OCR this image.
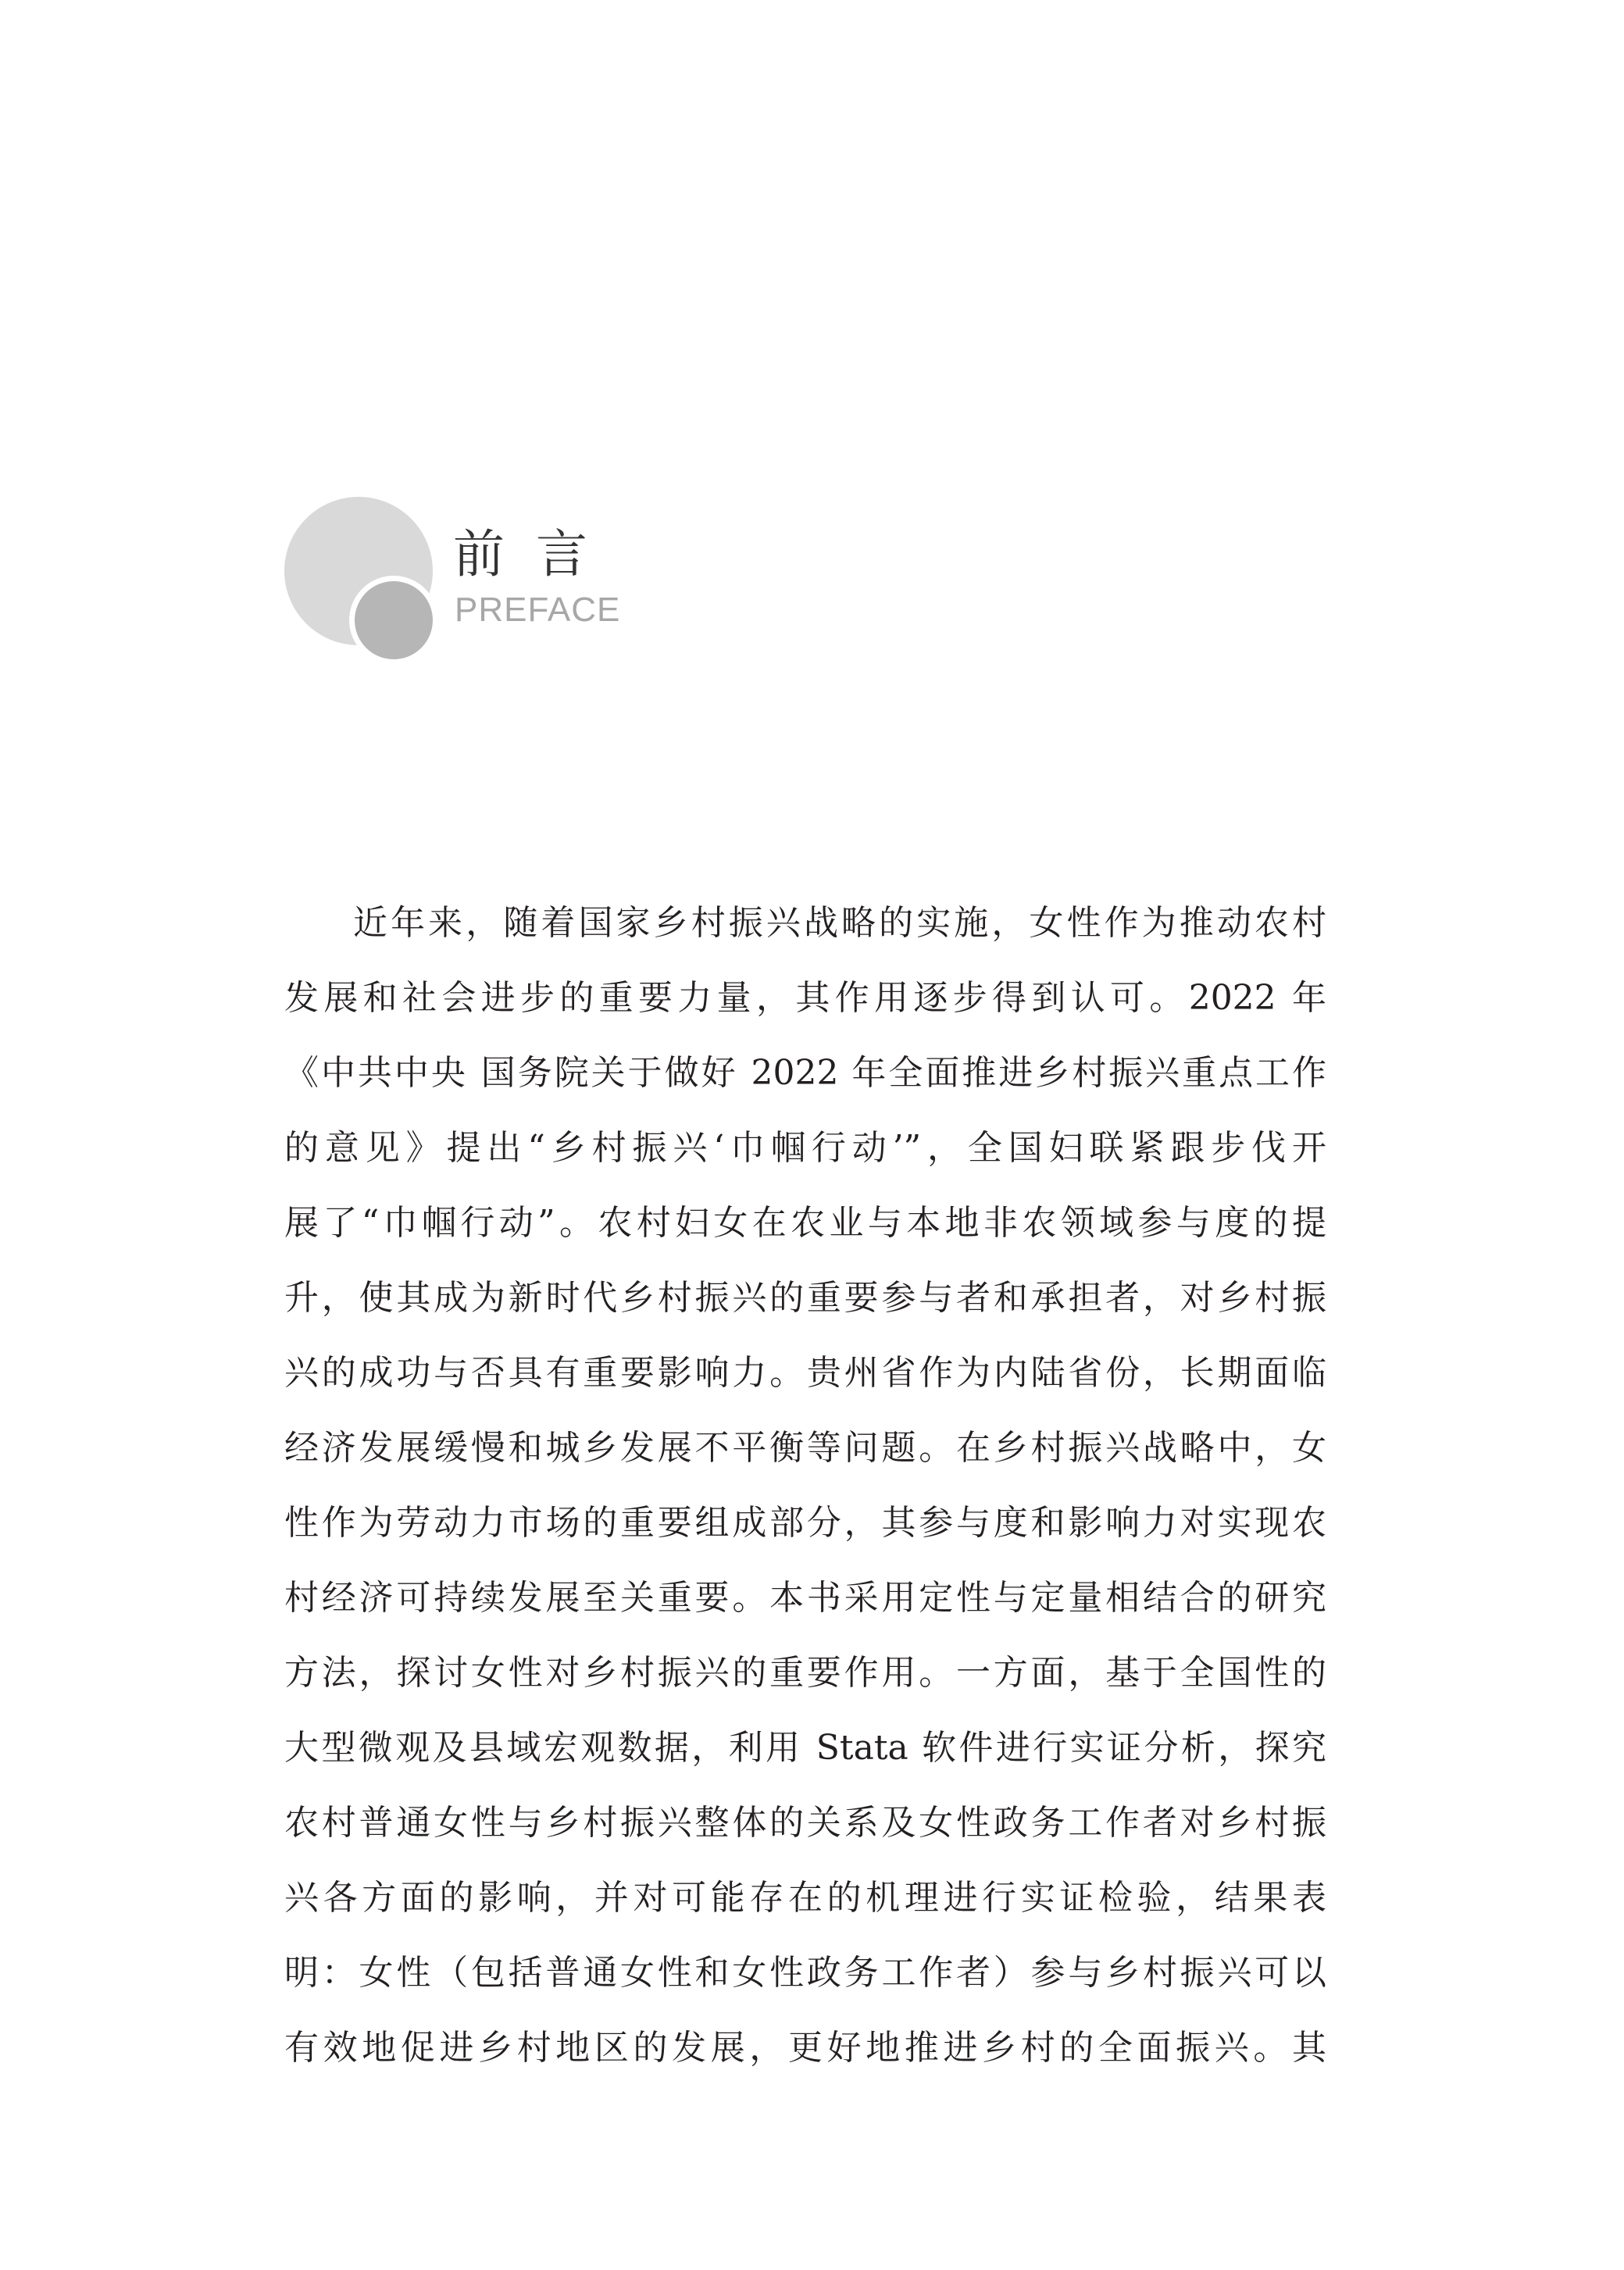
前言
PREFACE
近年来，随着国家乡村振兴战略的实施，女性作为推动农村
发展和社会进步的重要力量，其作用逐步得到认可。2022 年
《中共中央 国务院关于做好 2022 年全面推进乡村振兴重点工作
的意见》提出“乡村振兴‘巾帼行动’”，全国妇联紧跟步伐开
展了“巾帼行动”。农村妇女在农业与本地非农领域参与度的提
升，使其成为新时代乡村振兴的重要参与者和承担者，对乡村振
兴的成功与否具有重要影响力。贵州省作为内陆省份，长期面临
经济发展缓慢和城乡发展不平衡等问题。在乡村振兴战略中，女
性作为劳动力市场的重要组成部分，其参与度和影响力对实现农
村经济可持续发展至关重要。本书采用定性与定量相结合的研究
方法，探讨女性对乡村振兴的重要作用。一方面，基于全国性的
大型微观及县域宏观数据，利用 Stata 软件进行实证分析，探究
农村普通女性与乡村振兴整体的关系及女性政务工作者对乡村振
兴各方面的影响，并对可能存在的机理进行实证检验，结果表
明：女性（包括普通女性和女性政务工作者）参与乡村振兴可以
有效地促进乡村地区的发展，更好地推进乡村的全面振兴。其
